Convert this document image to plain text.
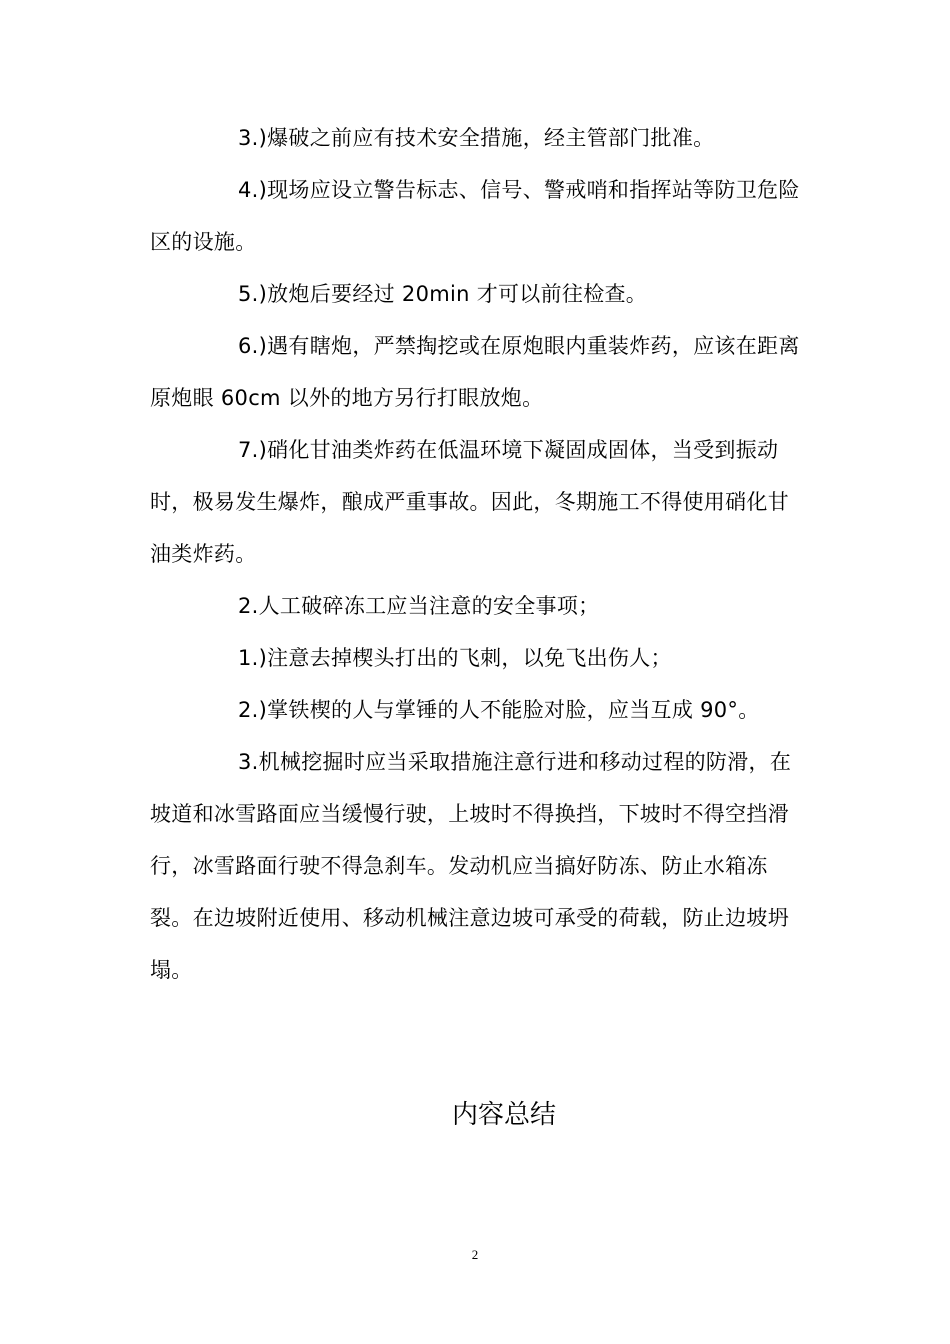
3.)爆破之前应有技术安全措施，经主管部门批准。

4.)现场应设立警告标志、信号、警戒哨和指挥站等防卫危险区的设施。

5.)放炮后要经过 20min 才可以前往检查。

6.)遇有瞎炮，严禁掏挖或在原炮眼内重装炸药，应该在距离原炮眼 60cm 以外的地方另行打眼放炮。

7.)硝化甘油类炸药在低温环境下凝固成固体，当受到振动时，极易发生爆炸，酿成严重事故。因此，冬期施工不得使用硝化甘油类炸药。

2.人工破碎冻工应当注意的安全事项；

1.)注意去掉楔头打出的飞刺，以免飞出伤人；

2.)掌铁楔的人与掌锤的人不能脸对脸，应当互成 90°。

3.机械挖掘时应当采取措施注意行进和移动过程的防滑，在坡道和冰雪路面应当缓慢行驶，上坡时不得换挡，下坡时不得空挡滑行，冰雪路面行驶不得急刹车。发动机应当搞好防冻、防止水箱冻裂。在边坡附近使用、移动机械注意边坡可承受的荷载，防止边坡坍塌。

内容总结
2
